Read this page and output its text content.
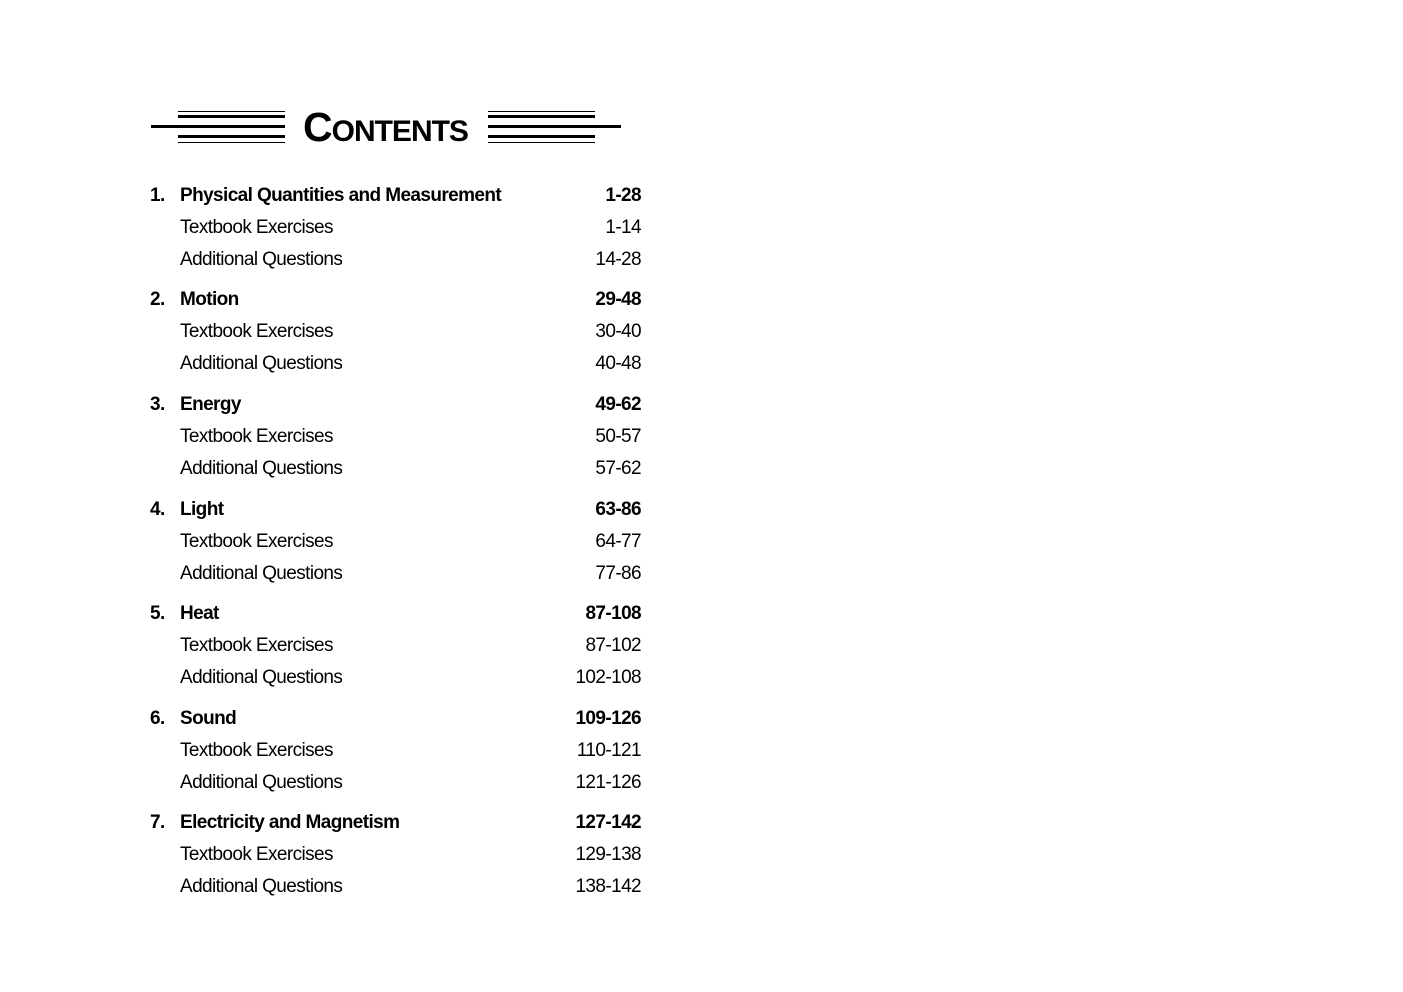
CONTENTS
1. Physical Quantities and Measurement	1-28
Textbook Exercises	1-14
Additional Questions	14-28
2. Motion	29-48
Textbook Exercises	30-40
Additional Questions	40-48
3. Energy	49-62
Textbook Exercises	50-57
Additional Questions	57-62
4. Light	63-86
Textbook Exercises	64-77
Additional Questions	77-86
5. Heat	87-108
Textbook Exercises	87-102
Additional Questions	102-108
6. Sound	109-126
Textbook Exercises	110-121
Additional Questions	121-126
7. Electricity and Magnetism	127-142
Textbook Exercises	129-138
Additional Questions	138-142
